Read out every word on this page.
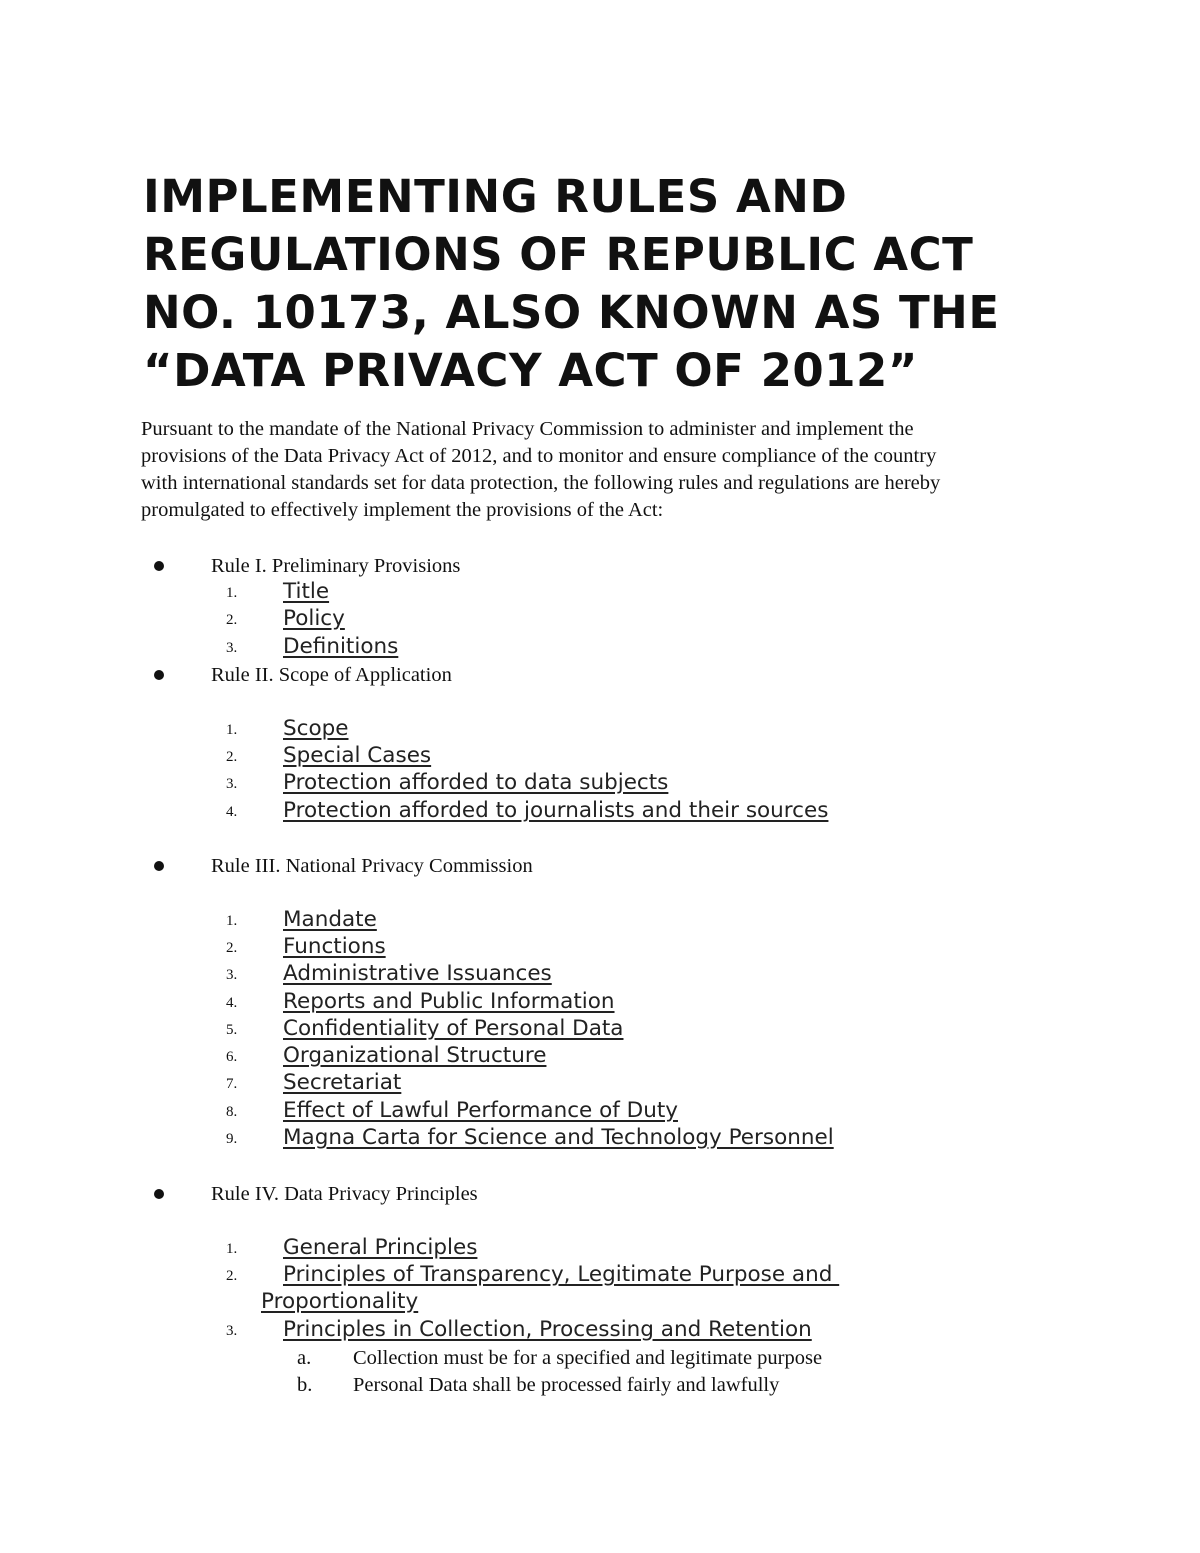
IMPLEMENTING RULES AND
REGULATIONS OF REPUBLIC ACT
NO. 10173, ALSO KNOWN AS THE
“DATA PRIVACY ACT OF 2012”
Pursuant to the mandate of the National Privacy Commission to administer and implement the
provisions of the Data Privacy Act of 2012, and to monitor and ensure compliance of the country
with international standards set for data protection, the following rules and regulations are hereby
promulgated to effectively implement the provisions of the Act:
Rule I. Preliminary Provisions
1. Title
2. Policy
3. Definitions
Rule II. Scope of Application
1. Scope
2. Special Cases
3. Protection afforded to data subjects
4. Protection afforded to journalists and their sources
Rule III. National Privacy Commission
1. Mandate
2. Functions
3. Administrative Issuances
4. Reports and Public Information
5. Confidentiality of Personal Data
6. Organizational Structure
7. Secretariat
8. Effect of Lawful Performance of Duty
9. Magna Carta for Science and Technology Personnel
Rule IV. Data Privacy Principles
1. General Principles
2. Principles of Transparency, Legitimate Purpose and
Proportionality
3. Principles in Collection, Processing and Retention
a. Collection must be for a specified and legitimate purpose
b. Personal Data shall be processed fairly and lawfully
